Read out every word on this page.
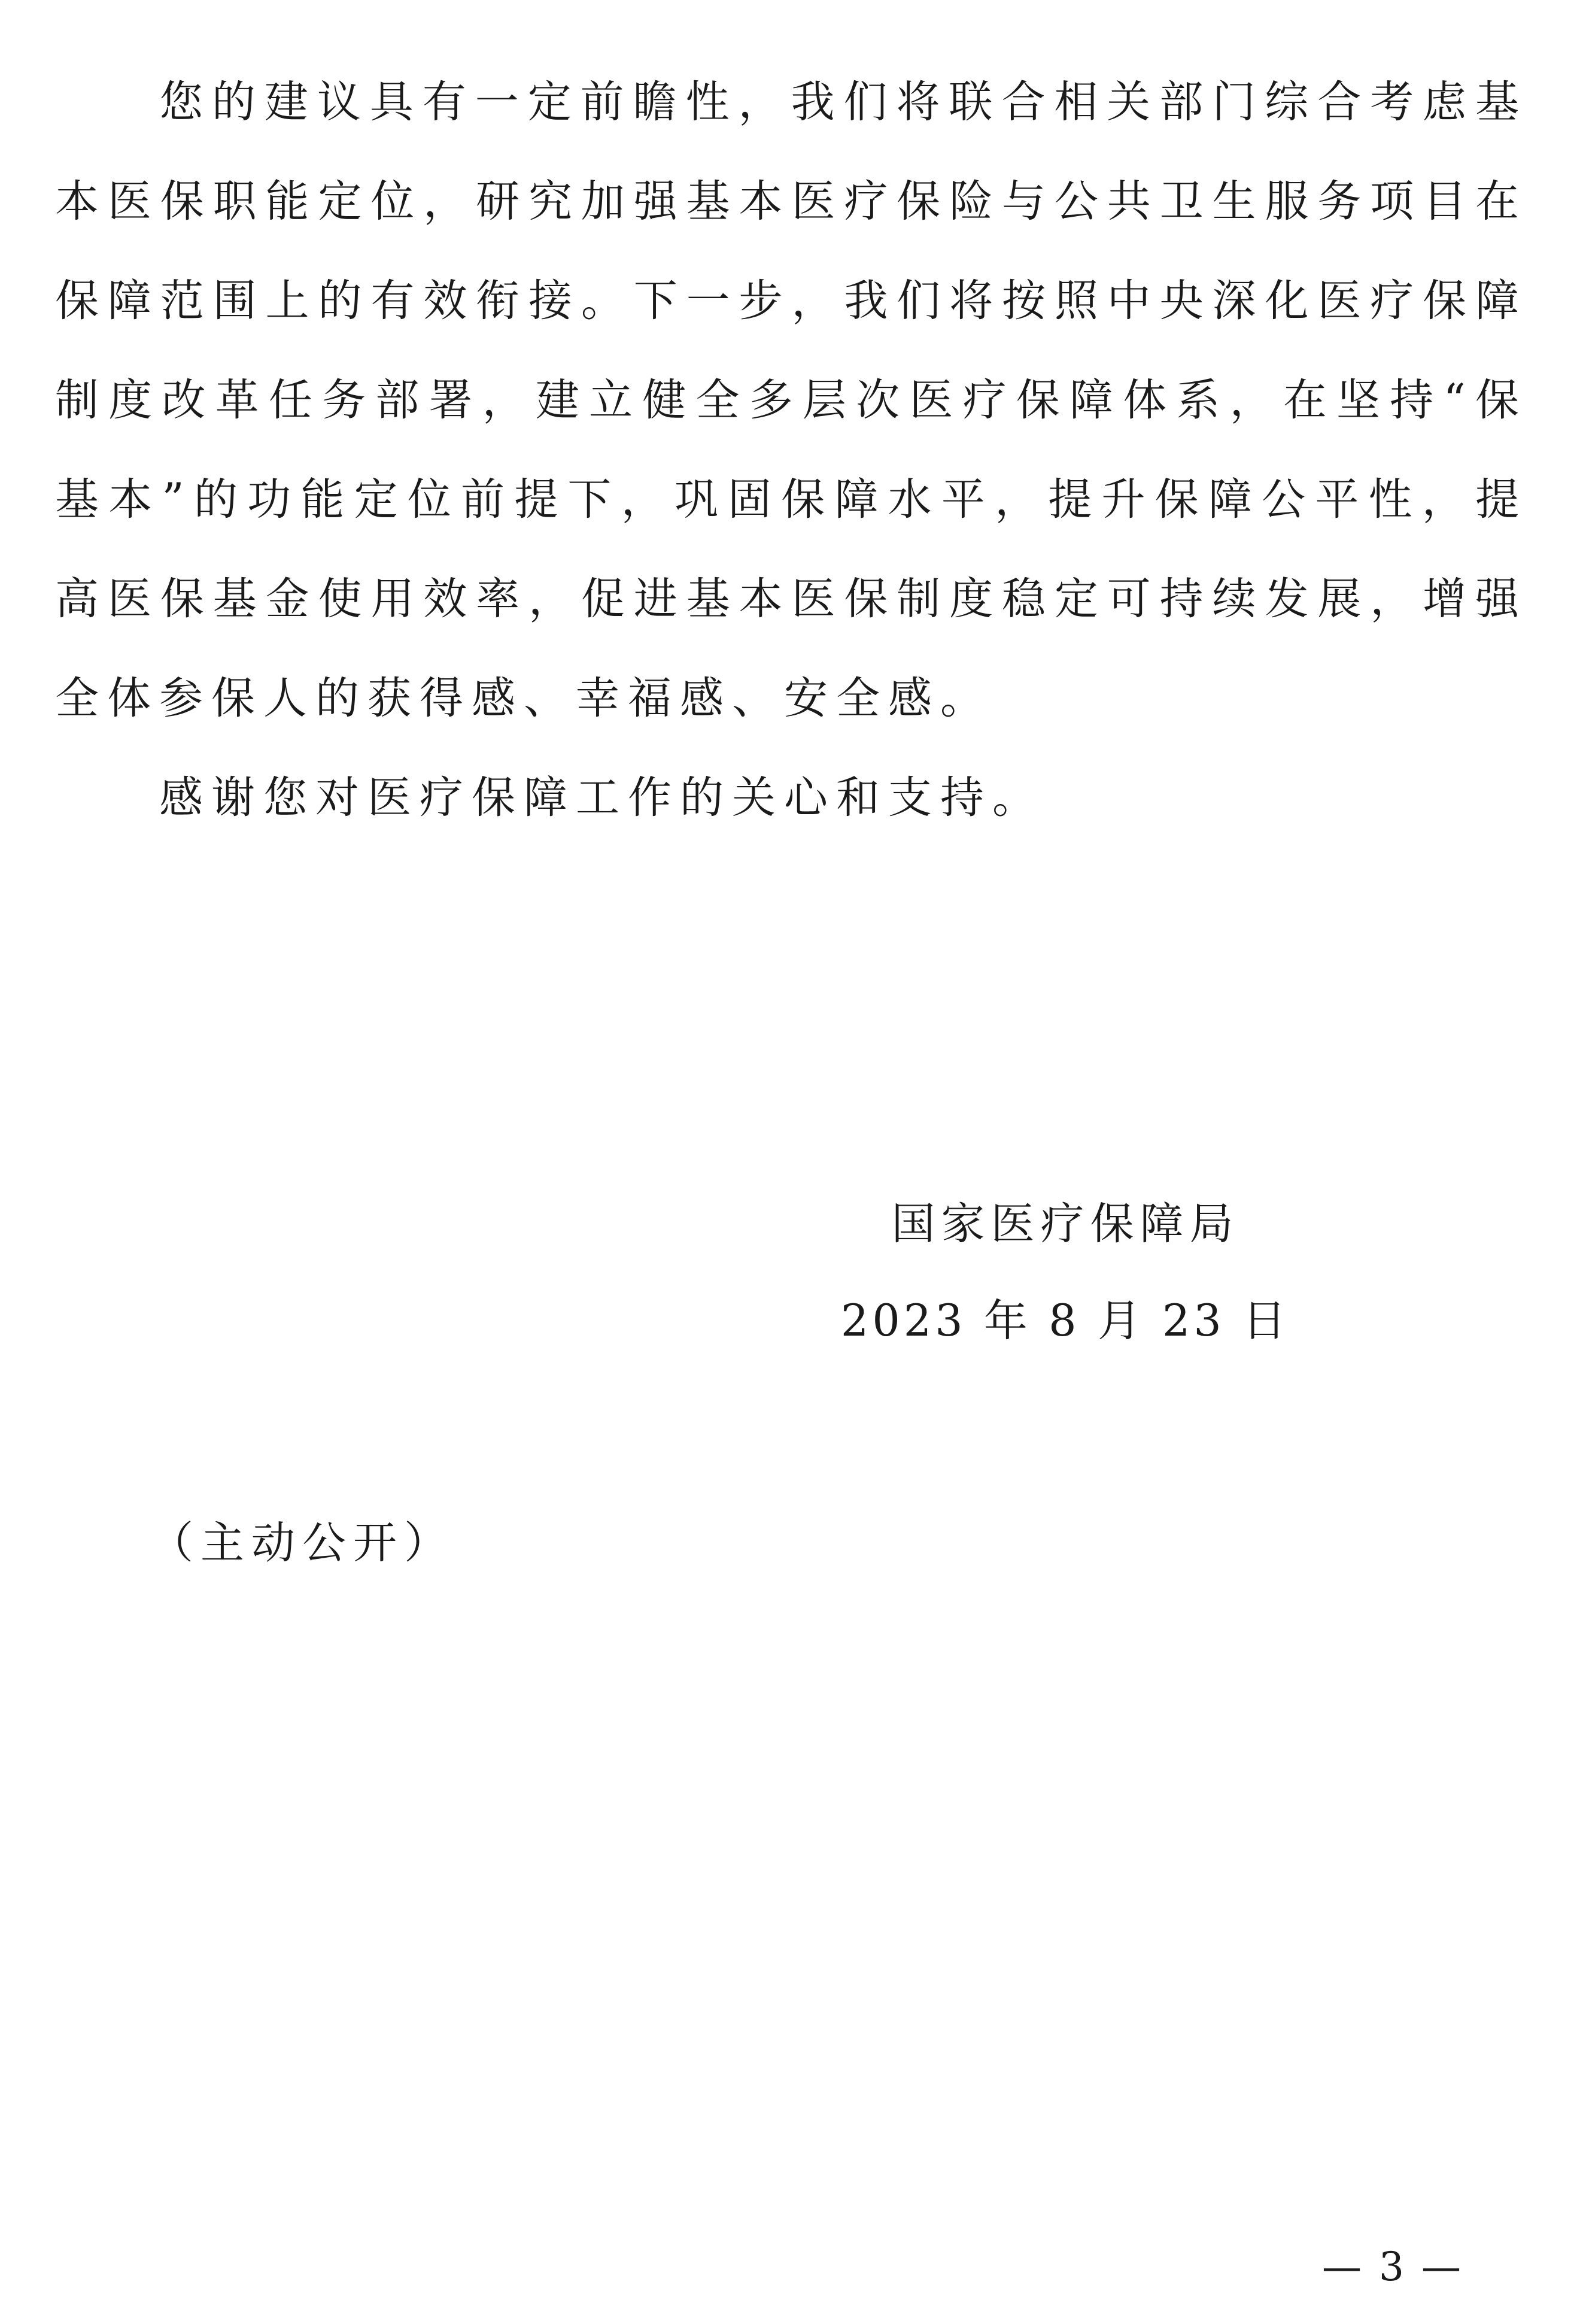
您的建议具有一定前瞻性，我们将联合相关部门综合考虑基本医保职能定位，研究加强基本医疗保险与公共卫生服务项目在保障范围上的有效衔接。下一步，我们将按照中央深化医疗保障制度改革任务部署，建立健全多层次医疗保障体系，在坚持“保基本”的功能定位前提下，巩固保障水平，提升保障公平性，提高医保基金使用效率，促进基本医保制度稳定可持续发展，增强全体参保人的获得感、幸福感、安全感。

感谢您对医疗保障工作的关心和支持。

国家医疗保障局
2023 年 8 月 23 日
（主动公开）
— 3 —
